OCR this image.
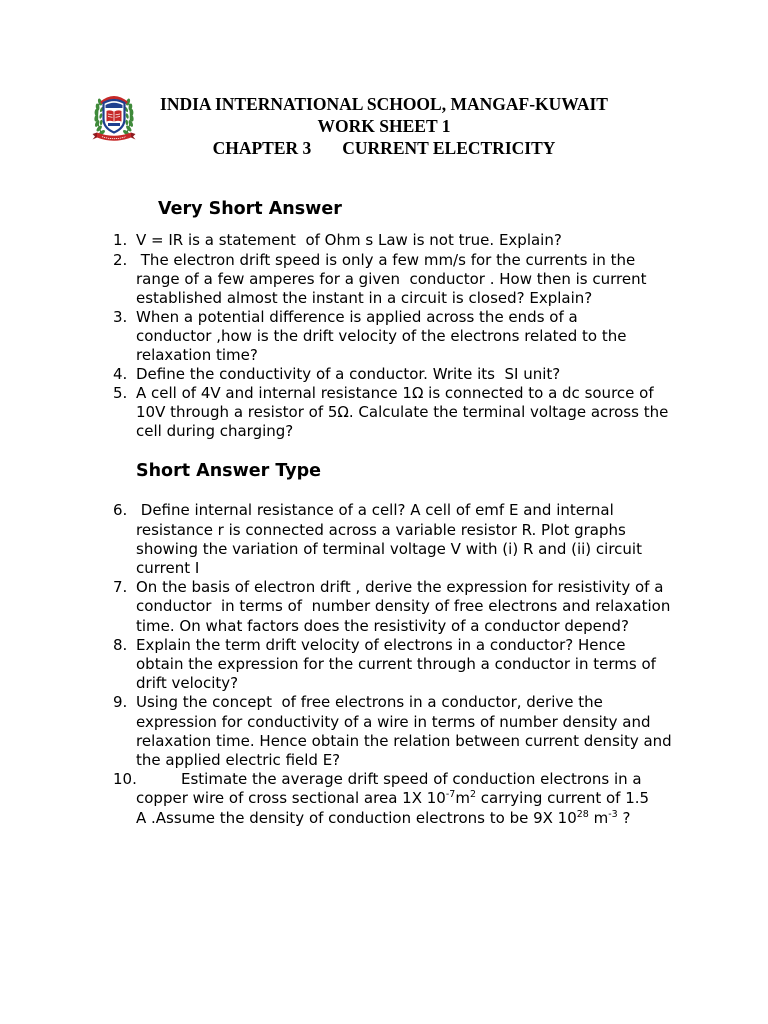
INDIA INTERNATIONAL SCHOOL, MANGAF-KUWAIT
WORK SHEET 1
CHAPTER 3 CURRENT ELECTRICITY
Very Short Answer
1. V = IR is a statement  of Ohm s Law is not true. Explain?
2. The electron drift speed is only a few mm/s for the currents in the
range of a few amperes for a given  conductor . How then is current
established almost the instant in a circuit is closed? Explain?
3. When a potential difference is applied across the ends of a
conductor ,how is the drift velocity of the electrons related to the
relaxation time?
4. Define the conductivity of a conductor. Write its  SI unit?
5. A cell of 4V and internal resistance 1Ω is connected to a dc source of
10V through a resistor of 5Ω. Calculate the terminal voltage across the
cell during charging?
Short Answer Type
6. Define internal resistance of a cell? A cell of emf E and internal
resistance r is connected across a variable resistor R. Plot graphs
showing the variation of terminal voltage V with (i) R and (ii) circuit
current I
7. On the basis of electron drift , derive the expression for resistivity of a
conductor  in terms of  number density of free electrons and relaxation
time. On what factors does the resistivity of a conductor depend?
8. Explain the term drift velocity of electrons in a conductor? Hence
obtain the expression for the current through a conductor in terms of
drift velocity?
9. Using the concept  of free electrons in a conductor, derive the
expression for conductivity of a wire in terms of number density and
relaxation time. Hence obtain the relation between current density and
the applied electric field E?
10.	Estimate the average drift speed of conduction electrons in a
copper wire of cross sectional area 1X $10^{-7}m^2$ carrying current of 1.5
A .Assume the density of conduction electrons to be 9X $10^{28}$ $m^{-3}$ ?
